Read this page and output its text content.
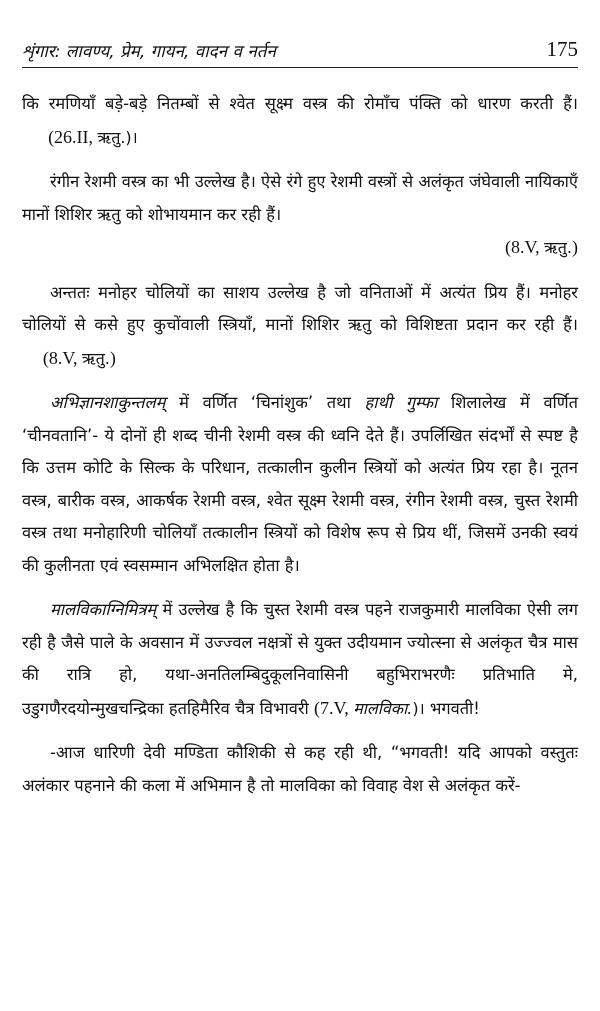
शृंगार: लावण्य, प्रेम, गायन, वादन व नर्तन	175

कि रमणियाँ बड़े-बड़े नितम्बों से श्वेत सूक्ष्म वस्त्र की रोमाँच पंक्ति को धारण करती हैं।     (26.II, ऋतु.)।

रंगीन रेशमी वस्त्र का भी उल्लेख है। ऐसे रंगे हुए रेशमी वस्त्रों से अलंकृत जंघेवाली नायिकाएँ मानों शिशिर ऋतु को शोभायमान कर रही हैं।

(8.V, ऋतु.)

अन्ततः मनोहर चोलियों का साशय उल्लेख है जो वनिताओं में अत्यंत प्रिय हैं। मनोहर चोलियों से कसे हुए कुचोंवाली स्त्रियाँ, मानों शिशिर ऋतु को विशिष्टता प्रदान कर रही हैं।    (8.V, ऋतु.)

अभिज्ञानशाकुन्तलम् में वर्णित ‘चिनांशुक’ तथा हाथी गुम्फा शिलालेख में वर्णित ‘चीनवतानि’- ये दोनों ही शब्द चीनी रेशमी वस्त्र की ध्वनि देते हैं। उपर्लिखित संदर्भों से स्पष्ट है कि उत्तम कोटि के सिल्क के परिधान, तत्कालीन कुलीन स्त्रियों को अत्यंत प्रिय रहा है। नूतन वस्त्र, बारीक वस्त्र, आकर्षक रेशमी वस्त्र, श्वेत सूक्ष्म रेशमी वस्त्र, रंगीन रेशमी वस्त्र, चुस्त रेशमी वस्त्र तथा मनोहारिणी चोलियाँ तत्कालीन स्त्रियों को विशेष रूप से प्रिय थीं, जिसमें उनकी स्वयं की कुलीनता एवं स्वसम्मान अभिलक्षित होता है।

मालविकाग्निमित्रम् में उल्लेख है कि चुस्त रेशमी वस्त्र पहने राजकुमारी मालविका ऐसी लग रही है जैसे पाले के अवसान में उज्ज्वल नक्षत्रों से युक्त उदीयमान ज्योत्स्ना से अलंकृत चैत्र मास की रात्रि हो, यथा-अनतिलम्बिदुकूलनिवासिनी बहुभिराभरणैः प्रतिभाति मे, उडुगणैरदयोन्मुखचन्द्रिका हतहिमैरिव चैत्र विभावरी (7.V, मालविका.)। भगवती!

-आज धारिणी देवी मण्डिता कौशिकी से कह रही थी, “भगवती! यदि आपको वस्तुतः अलंकार पहनाने की कला में अभिमान है तो मालविका को विवाह वेश से अलंकृत करें-
